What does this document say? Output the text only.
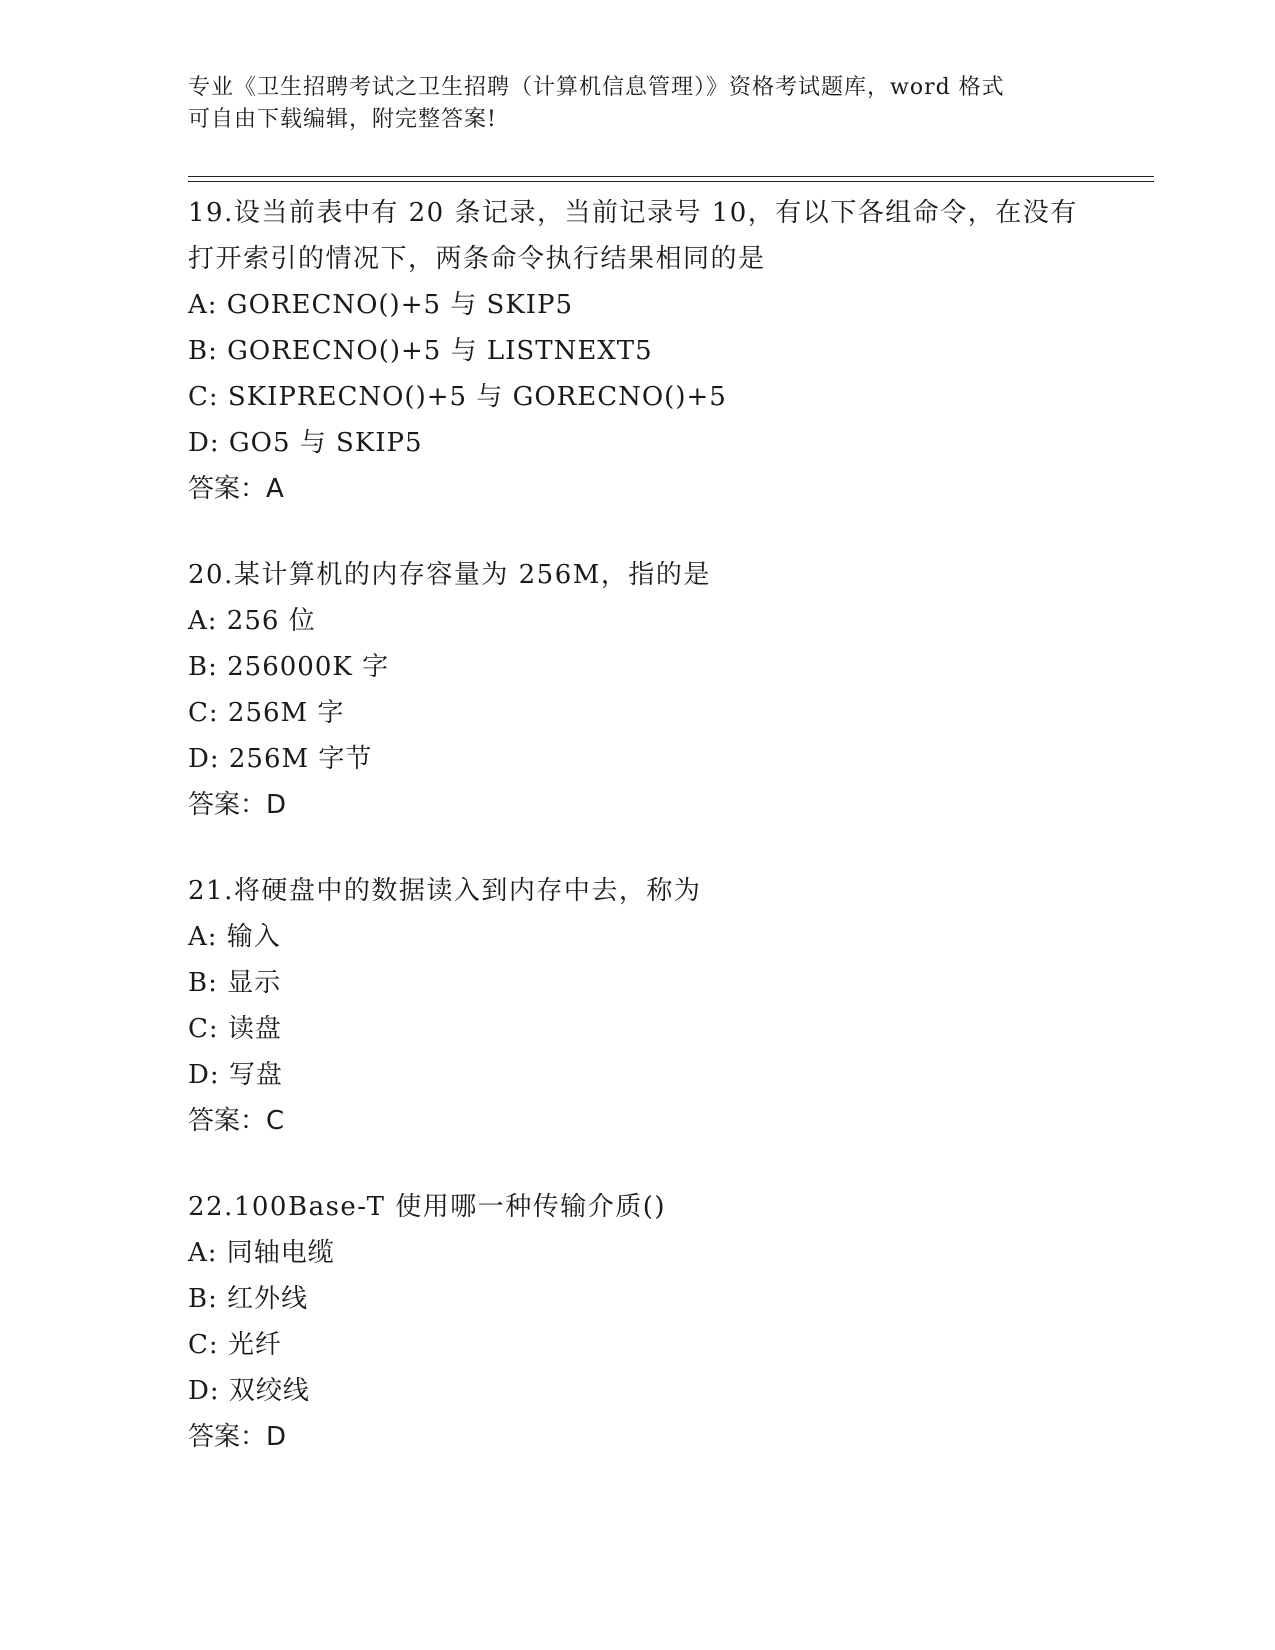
专业《卫生招聘考试之卫生招聘（计算机信息管理）》资格考试题库，word 格式
可自由下载编辑，附完整答案!

19.设当前表中有 20 条记录，当前记录号 10，有以下各组命令，在没有打开索引的情况下，两条命令执行结果相同的是

A: GORECNO()+5 与 SKIP5

B: GORECNO()+5 与 LISTNEXT5

C: SKIPRECNO()+5 与 GORECNO()+5

D: GO5 与 SKIP5

答案：A

20.某计算机的内存容量为 256M，指的是

A: 256 位

B: 256000K 字

C: 256M 字

D: 256M 字节

答案：D

21.将硬盘中的数据读入到内存中去，称为

A: 输入

B: 显示

C: 读盘

D: 写盘

答案：C

22.100Base-T 使用哪一种传输介质()

A: 同轴电缆

B: 红外线

C: 光纤

D: 双绞线

答案：D
